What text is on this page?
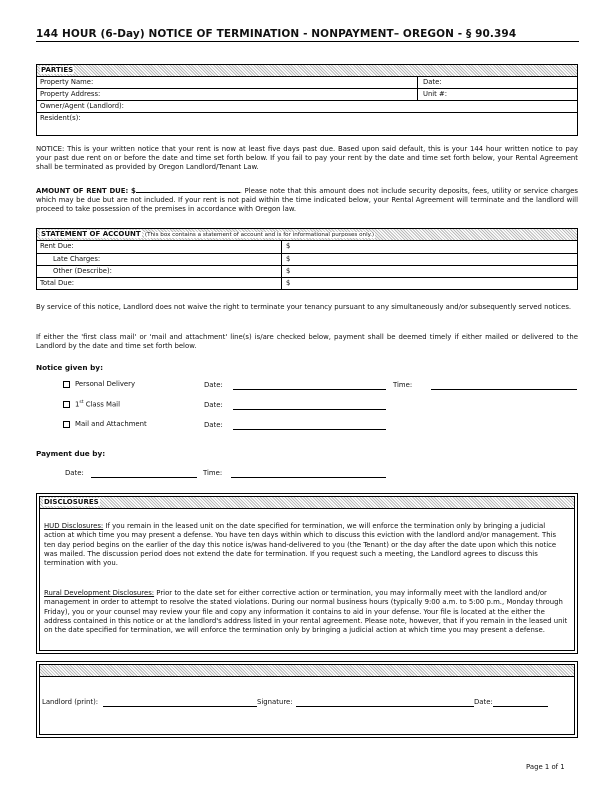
144 HOUR (6-Day) NOTICE OF TERMINATION - NONPAYMENT– OREGON - § 90.394
PARTIES
Property Name:	Date:
Property Address:	Unit #:
Owner/Agent (Landlord):
Resident(s):
NOTICE: This is your written notice that your rent is now at least five days past due. Based upon said default, this is your 144 hour written notice to pay your past due rent on or before the date and time set forth below. If you fail to pay your rent by the date and time set forth below, your Rental Agreement shall be terminated as provided by Oregon Landlord/Tenant Law.
AMOUNT OF RENT DUE: $	. Please note that this amount does not include security deposits, fees, utility or service charges which may be due but are not included. If your rent is not paid within the time indicated below, your Rental Agreement will terminate and the landlord will proceed to take possession of the premises in accordance with Oregon law.
STATEMENT OF ACCOUNT (This box contains a statement of account and is for informational purposes only.)
Rent Due:	$
Late Charges:	$
Other (Describe):	$
Total Due:	$
By service of this notice, Landlord does not waive the right to terminate your tenancy pursuant to any simultaneously and/or subsequently served notices.
If either the 'first class mail' or 'mail and attachment' line(s) is/are checked below, payment shall be deemed timely if either mailed or delivered to the Landlord by the date and time set forth below.
Notice given by:
Personal Delivery	Date:	Time:
1st Class Mail	Date:
Mail and Attachment	Date:
Payment due by:
Date:	Time:
DISCLOSURES

HUD Disclosures: If you remain in the leased unit on the date specified for termination, we will enforce the termination only by bringing a judicial action at which time you may present a defense. You have ten days within which to discuss this eviction with the landlord and/or management. This ten day period begins on the earlier of the day this notice is/was hand-delivered to you (the Tenant) or the day after the date upon which this notice was mailed. The discussion period does not extend the date for termination. If you request such a meeting, the Landlord agrees to discuss this termination with you.

Rural Development Disclosures: Prior to the date set for either corrective action or termination, you may informally meet with the landlord and/or management in order to attempt to resolve the stated violations. During our normal business hours (typically 9:00 a.m. to 5:00 p.m., Monday through Friday), you or your counsel may review your file and copy any information it contains to aid in your defense. Your file is located at the either the address contained in this notice or at the landlord's address listed in your rental agreement. Please note, however, that if you remain in the leased unit on the date specified for termination, we will enforce the termination only by bringing a judicial action at which time you may present a defense.

Landlord (print):	Signature:	Date:
Page 1 of 1
